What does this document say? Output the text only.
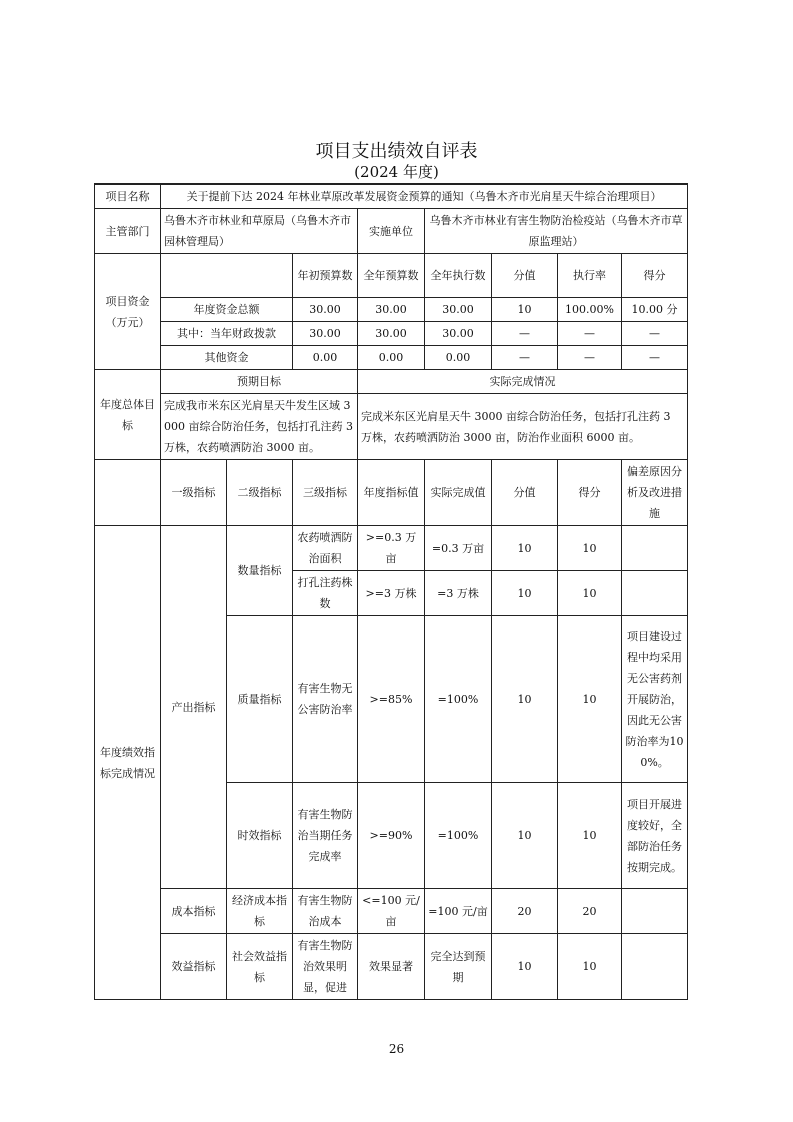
项目支出绩效自评表
(2024 年度)
项目名称	关于提前下达 2024 年林业草原改革发展资金预算的通知（乌鲁木齐市光肩星天牛综合治理项目）							
主管部门	乌鲁木齐市林业和草原局（乌鲁木齐市园林管理局）			实施单位	乌鲁木齐市林业有害生物防治检疫站（乌鲁木齐市草原监理站）			
项目资金（万元）			年初预算数	全年预算数	全年执行数	分值	执行率	得分
	年度资金总额		30.00	30.00	30.00	10	100.00%	10.00 分
	其中：当年财政拨款		30.00	30.00	30.00	—	—	—
	其他资金		0.00	0.00	0.00	—	—	—
年度总体目标	预期目标			实际完成情况				
	完成我市米东区光肩星天牛发生区域 3000 亩综合防治任务，包括打孔注药 3 万株，农药喷洒防治 3000 亩。			完成米东区光肩星天牛 3000 亩综合防治任务，包括打孔注药 3 万株，农药喷洒防治 3000 亩，防治作业面积 6000 亩。				
	一级指标	二级指标	三级指标	年度指标值	实际完成值	分值	得分	偏差原因分析及改进措施
年度绩效指标完成情况	产出指标	数量指标	农药喷洒防治面积	>=0.3 万亩	=0.3 万亩	10	10	
			打孔注药株数	>=3 万株	=3 万株	10	10	
		质量指标	有害生物无公害防治率	>=85%	=100%	10	10	项目建设过程中均采用无公害药剂开展防治，因此无公害防治率为100%。
		时效指标	有害生物防治当期任务完成率	>=90%	=100%	10	10	项目开展进度较好，全部防治任务按期完成。
	成本指标	经济成本指标	有害生物防治成本	<=100 元/亩	=100 元/亩	20	20	
	效益指标	社会效益指标	有害生物防治效果明显，促进	效果显著	完全达到预期	10	10	
26
